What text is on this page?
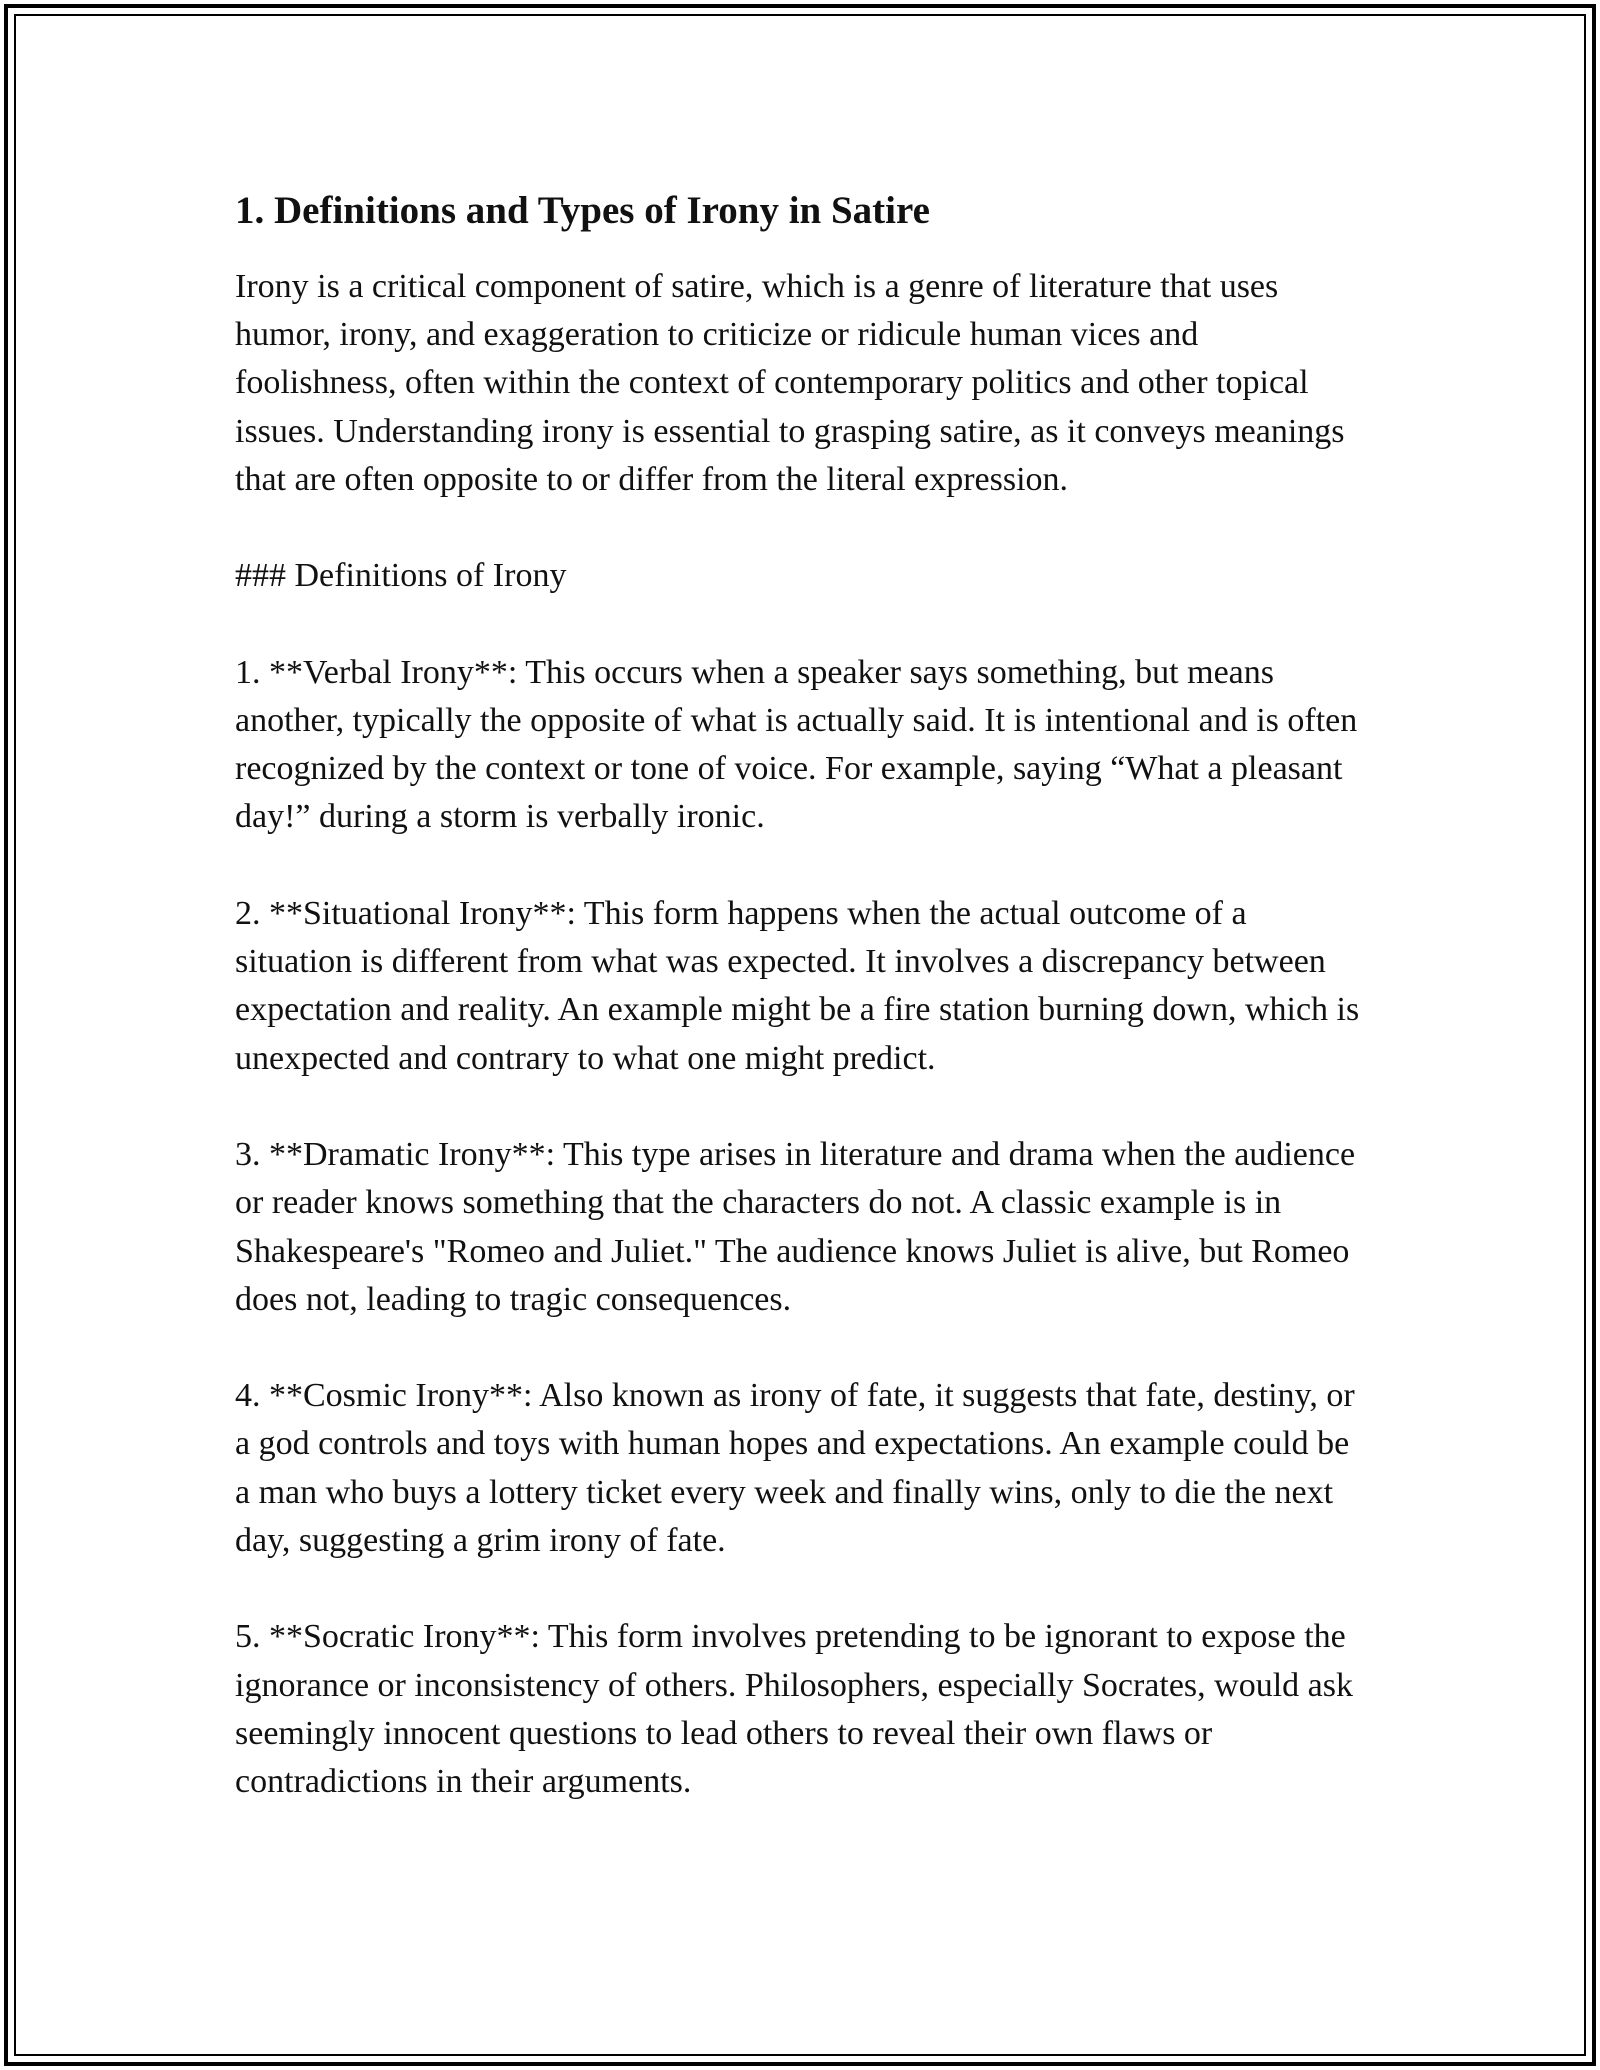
1. Definitions and Types of Irony in Satire

Irony is a critical component of satire, which is a genre of literature that uses humor, irony, and exaggeration to criticize or ridicule human vices and foolishness, often within the context of contemporary politics and other topical issues. Understanding irony is essential to grasping satire, as it conveys meanings that are often opposite to or differ from the literal expression.

### Definitions of Irony

1. **Verbal Irony**: This occurs when a speaker says something, but means another, typically the opposite of what is actually said. It is intentional and is often recognized by the context or tone of voice. For example, saying “What a pleasant day!” during a storm is verbally ironic.

2. **Situational Irony**: This form happens when the actual outcome of a situation is different from what was expected. It involves a discrepancy between expectation and reality. An example might be a fire station burning down, which is unexpected and contrary to what one might predict.

3. **Dramatic Irony**: This type arises in literature and drama when the audience or reader knows something that the characters do not. A classic example is in Shakespeare's "Romeo and Juliet." The audience knows Juliet is alive, but Romeo does not, leading to tragic consequences.

4. **Cosmic Irony**: Also known as irony of fate, it suggests that fate, destiny, or a god controls and toys with human hopes and expectations. An example could be a man who buys a lottery ticket every week and finally wins, only to die the next day, suggesting a grim irony of fate.

5. **Socratic Irony**: This form involves pretending to be ignorant to expose the ignorance or inconsistency of others. Philosophers, especially Socrates, would ask seemingly innocent questions to lead others to reveal their own flaws or contradictions in their arguments.
